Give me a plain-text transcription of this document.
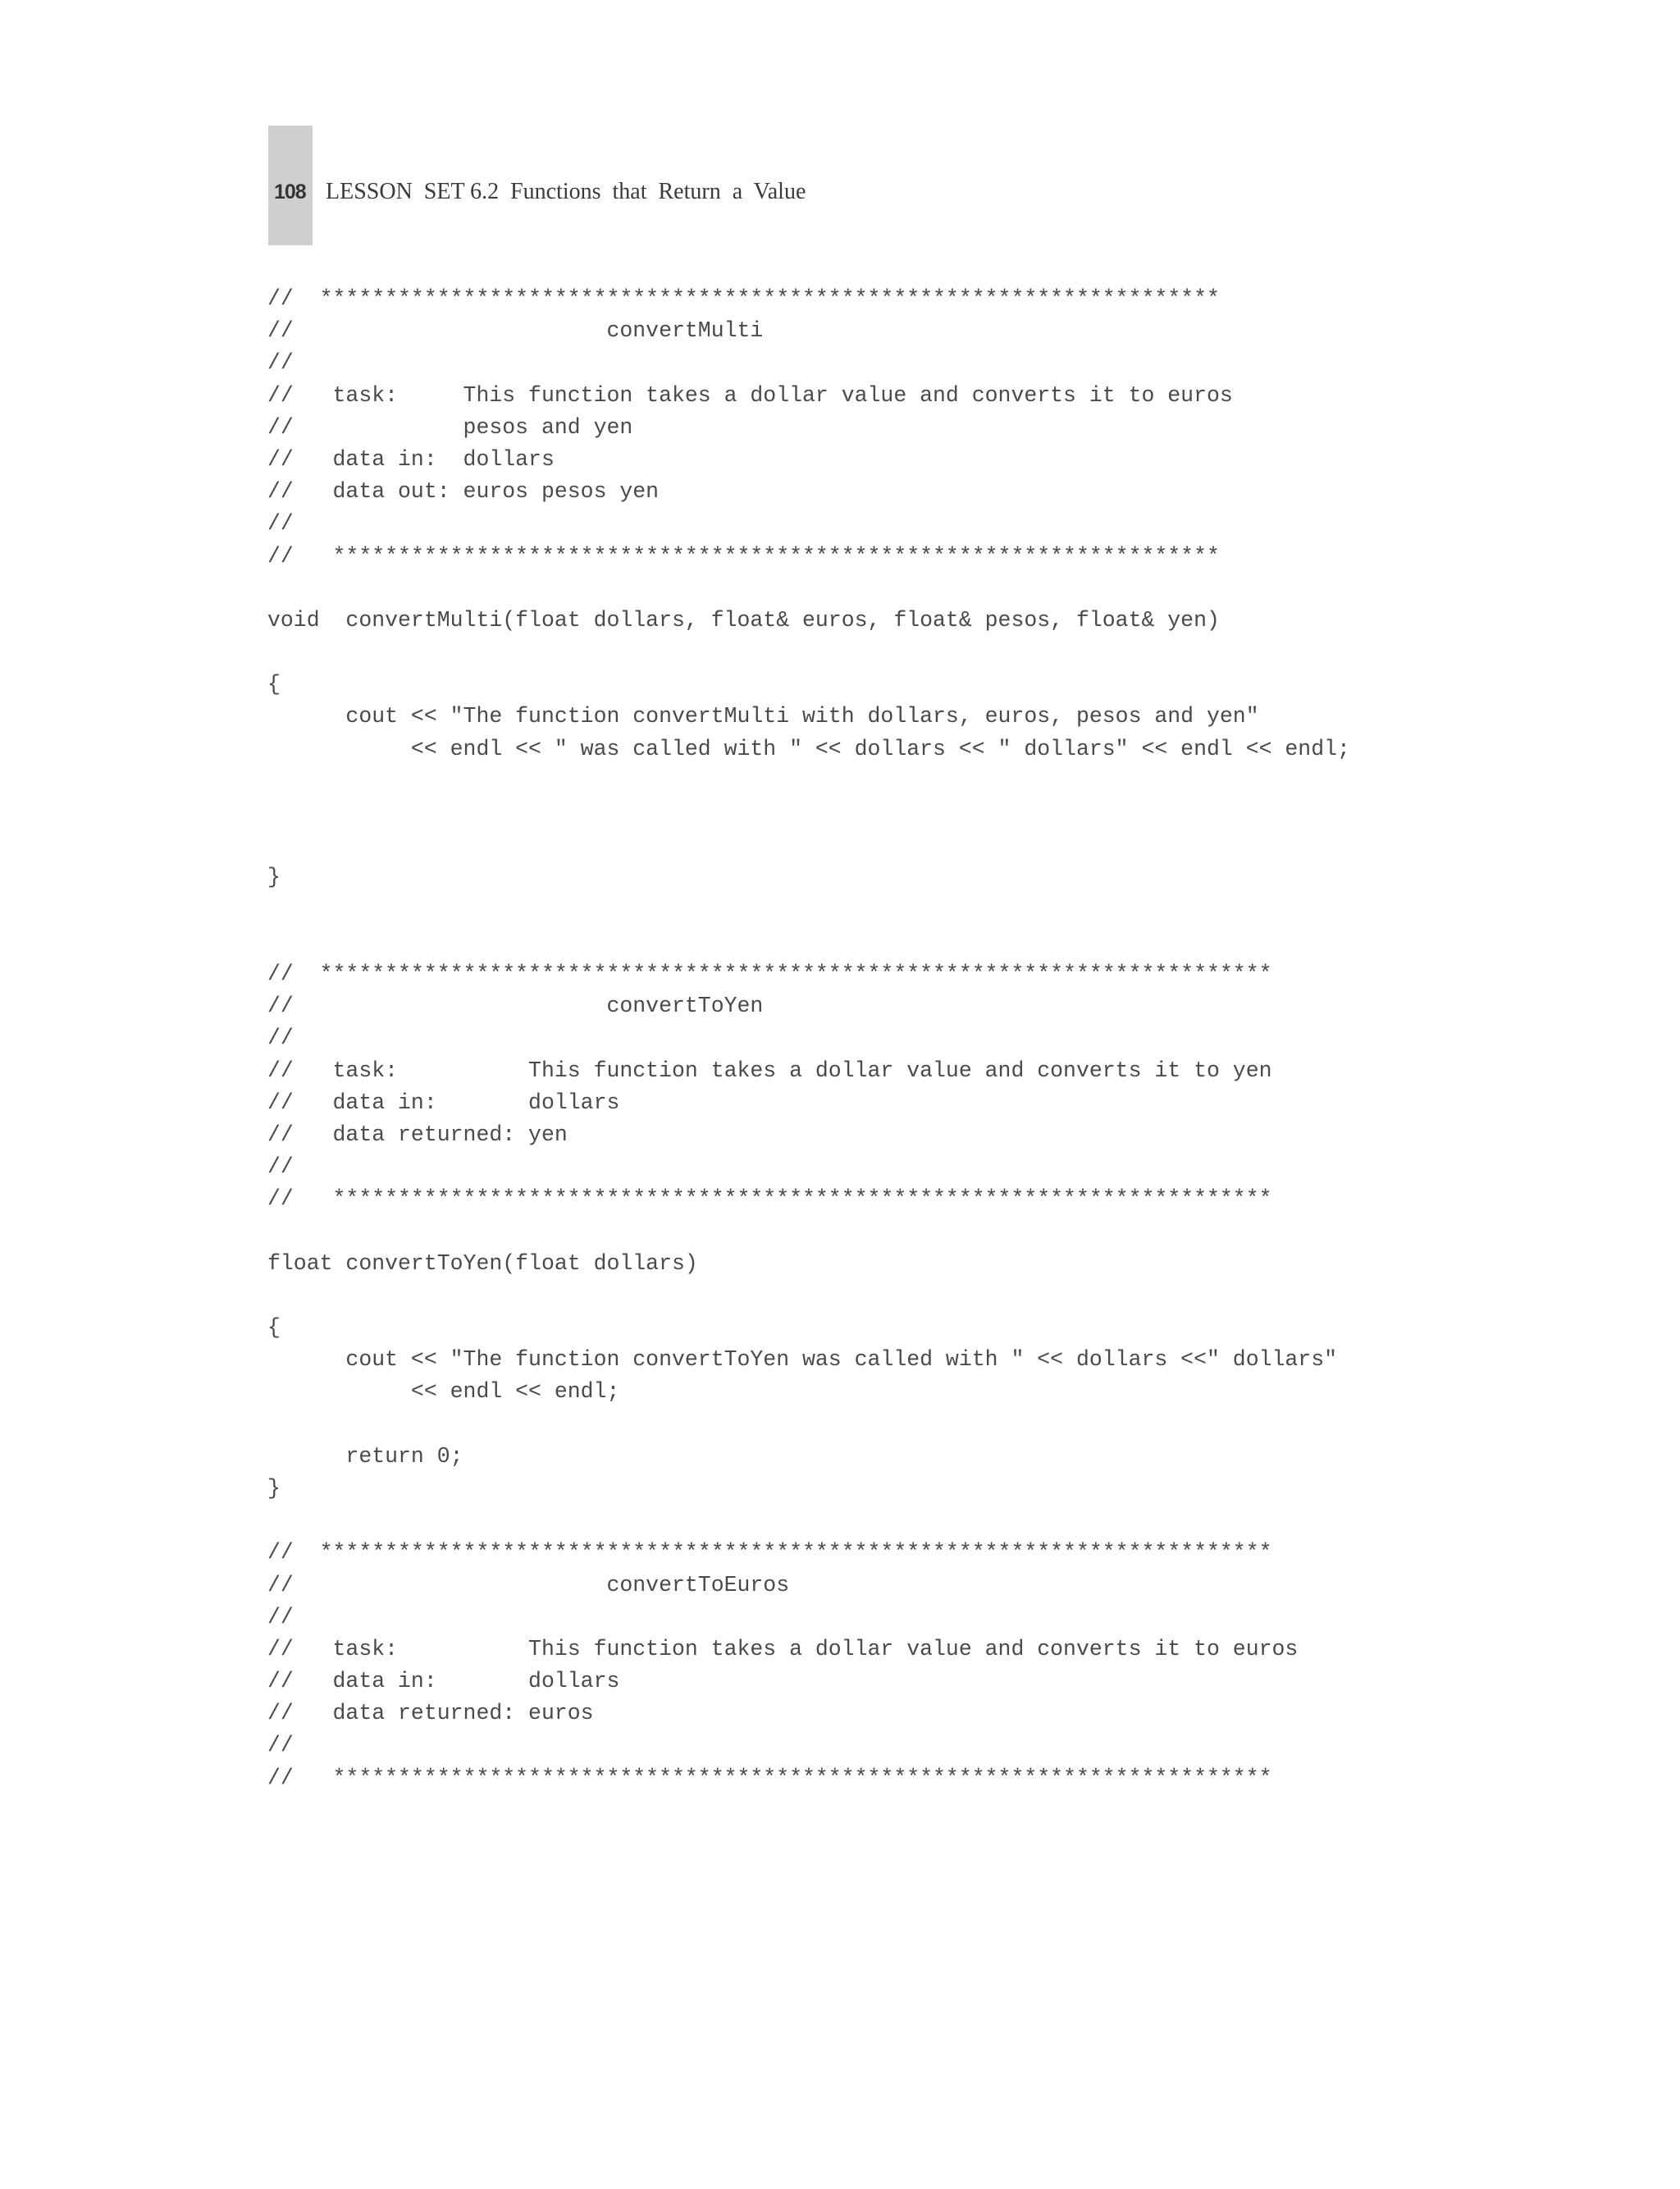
108 LESSON  SET 6.2  Functions  that  Return  a  Value
//  *********************************************************************
//                        convertMulti
//
//   task:     This function takes a dollar value and converts it to euros
//             pesos and yen
//   data in:  dollars
//   data out: euros pesos yen
//
//   ********************************************************************
void  convertMulti(float dollars, float& euros, float& pesos, float& yen)
{
cout << "The function convertMulti with dollars, euros, pesos and yen"
<< endl << " was called with " << dollars << " dollars" << endl << endl;
}
//  *************************************************************************
//                        convertToYen
//
//   task:          This function takes a dollar value and converts it to yen
//   data in:       dollars
//   data returned: yen
//
//   ************************************************************************
float convertToYen(float dollars)
{
cout << "The function convertToYen was called with " << dollars <<" dollars"
<< endl << endl;
return 0;
}
//  *************************************************************************
//                        convertToEuros
//
//   task:          This function takes a dollar value and converts it to euros
//   data in:       dollars
//   data returned: euros
//
//   ************************************************************************
